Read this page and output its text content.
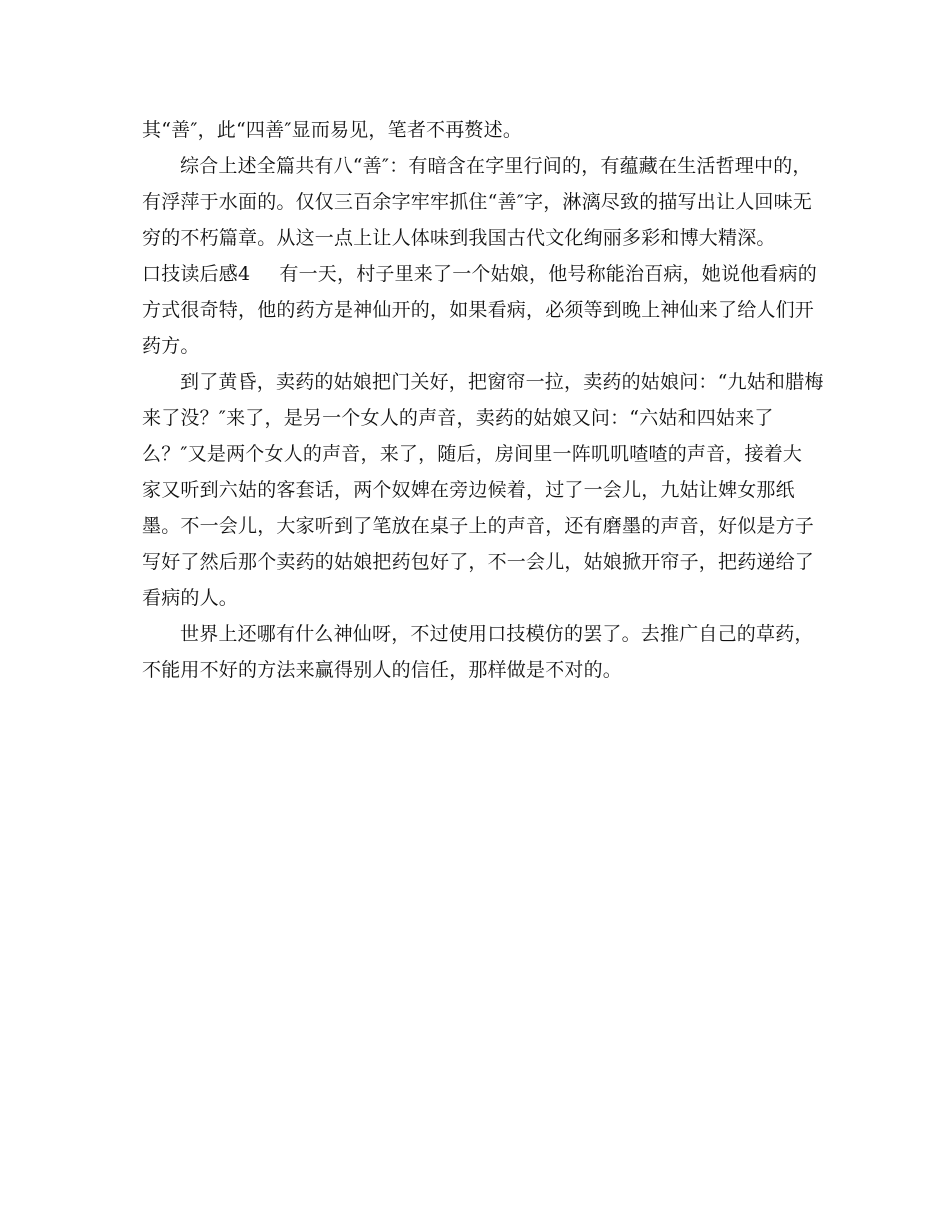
其“善″，此“四善″显而易见，笔者不再赘述。
综合上述全篇共有八“善″：有暗含在字里行间的，有蕴藏在生活哲理中的，
有浮萍于水面的。仅仅三百余字牢牢抓住“善″字，淋漓尽致的描写出让人回味无
穷的不朽篇章。从这一点上让人体味到我国古代文化绚丽多彩和博大精深。
口技读后感4	有一天，村子里来了一个姑娘，他号称能治百病，她说他看病的
方式很奇特，他的药方是神仙开的，如果看病，必须等到晚上神仙来了给人们开
药方。
到了黄昏，卖药的姑娘把门关好，把窗帘一拉，卖药的姑娘问：“九姑和腊梅
来了没？″来了，是另一个女人的声音，卖药的姑娘又问：“六姑和四姑来了
么？″又是两个女人的声音，来了，随后，房间里一阵叽叽喳喳的声音，接着大
家又听到六姑的客套话，两个奴婢在旁边候着，过了一会儿，九姑让婢女那纸
墨。不一会儿，大家听到了笔放在桌子上的声音，还有磨墨的声音，好似是方子
写好了然后那个卖药的姑娘把药包好了，不一会儿，姑娘掀开帘子，把药递给了
看病的人。
世界上还哪有什么神仙呀，不过使用口技模仿的罢了。去推广自己的草药，
不能用不好的方法来赢得别人的信任，那样做是不对的。
